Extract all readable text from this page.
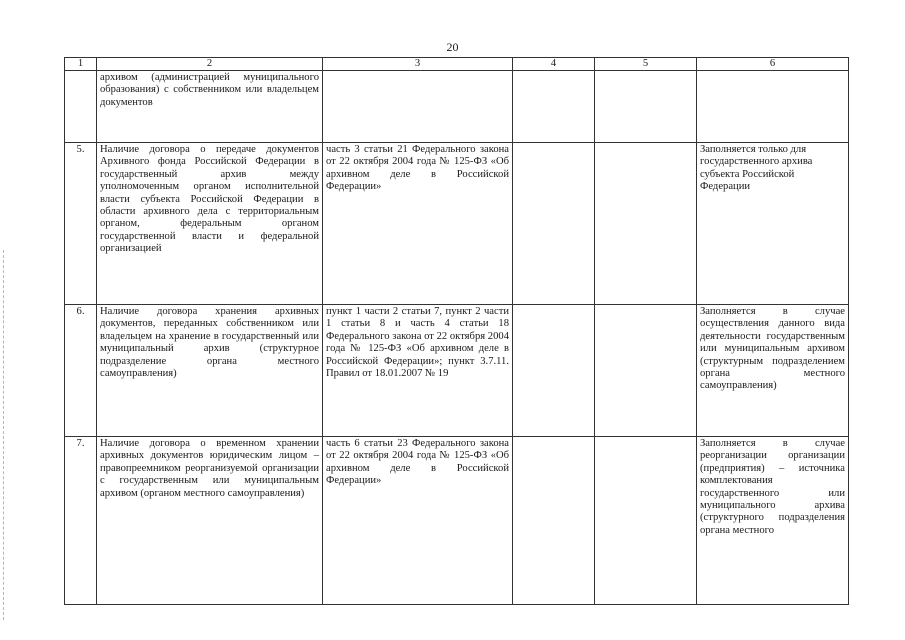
20
1	2	3	4	5	6
	архивом (администрацией муниципального образования) с собственником или владельцем документов				
5.	Наличие договора о передаче документов Архивного фонда Российской Федерации в государственный архив между уполномоченным органом исполнительной власти субъекта Российской Федерации в области архивного дела с территориальным органом, федеральным органом государственной власти и федеральной организацией	часть 3 статьи 21 Федерального закона от 22 октября 2004 года № 125-ФЗ «Об архивном деле в Российской Федерации»			Заполняется только для государственного архива субъекта Российской Федерации
6.	Наличие договора хранения архивных документов, переданных собственником или владельцем на хранение в государственный или муниципальный архив (структурное подразделение органа местного самоуправления)	пункт 1 части 2 статьи 7, пункт 2 части 1 статьи 8 и часть 4 статьи 18 Федерального закона от 22 октября 2004 года № 125-ФЗ «Об архивном деле в Российской Федерации»; пункт 3.7.11. Правил от 18.01.2007 № 19			Заполняется в случае осуществления данного вида деятельности государственным или муниципальным архивом (структурным подразделением органа местного самоуправления)
7.	Наличие договора о временном хранении архивных документов юридическим лицом – правопреемником реорганизуемой организации с государственным или муниципальным архивом (органом местного самоуправления)	часть 6 статьи 23 Федерального закона от 22 октября 2004 года № 125-ФЗ «Об архивном деле в Российской Федерации»			Заполняется в случае реорганизации организации (предприятия) – источника комплектования государственного или муниципального архива (структурного подразделения органа местного
